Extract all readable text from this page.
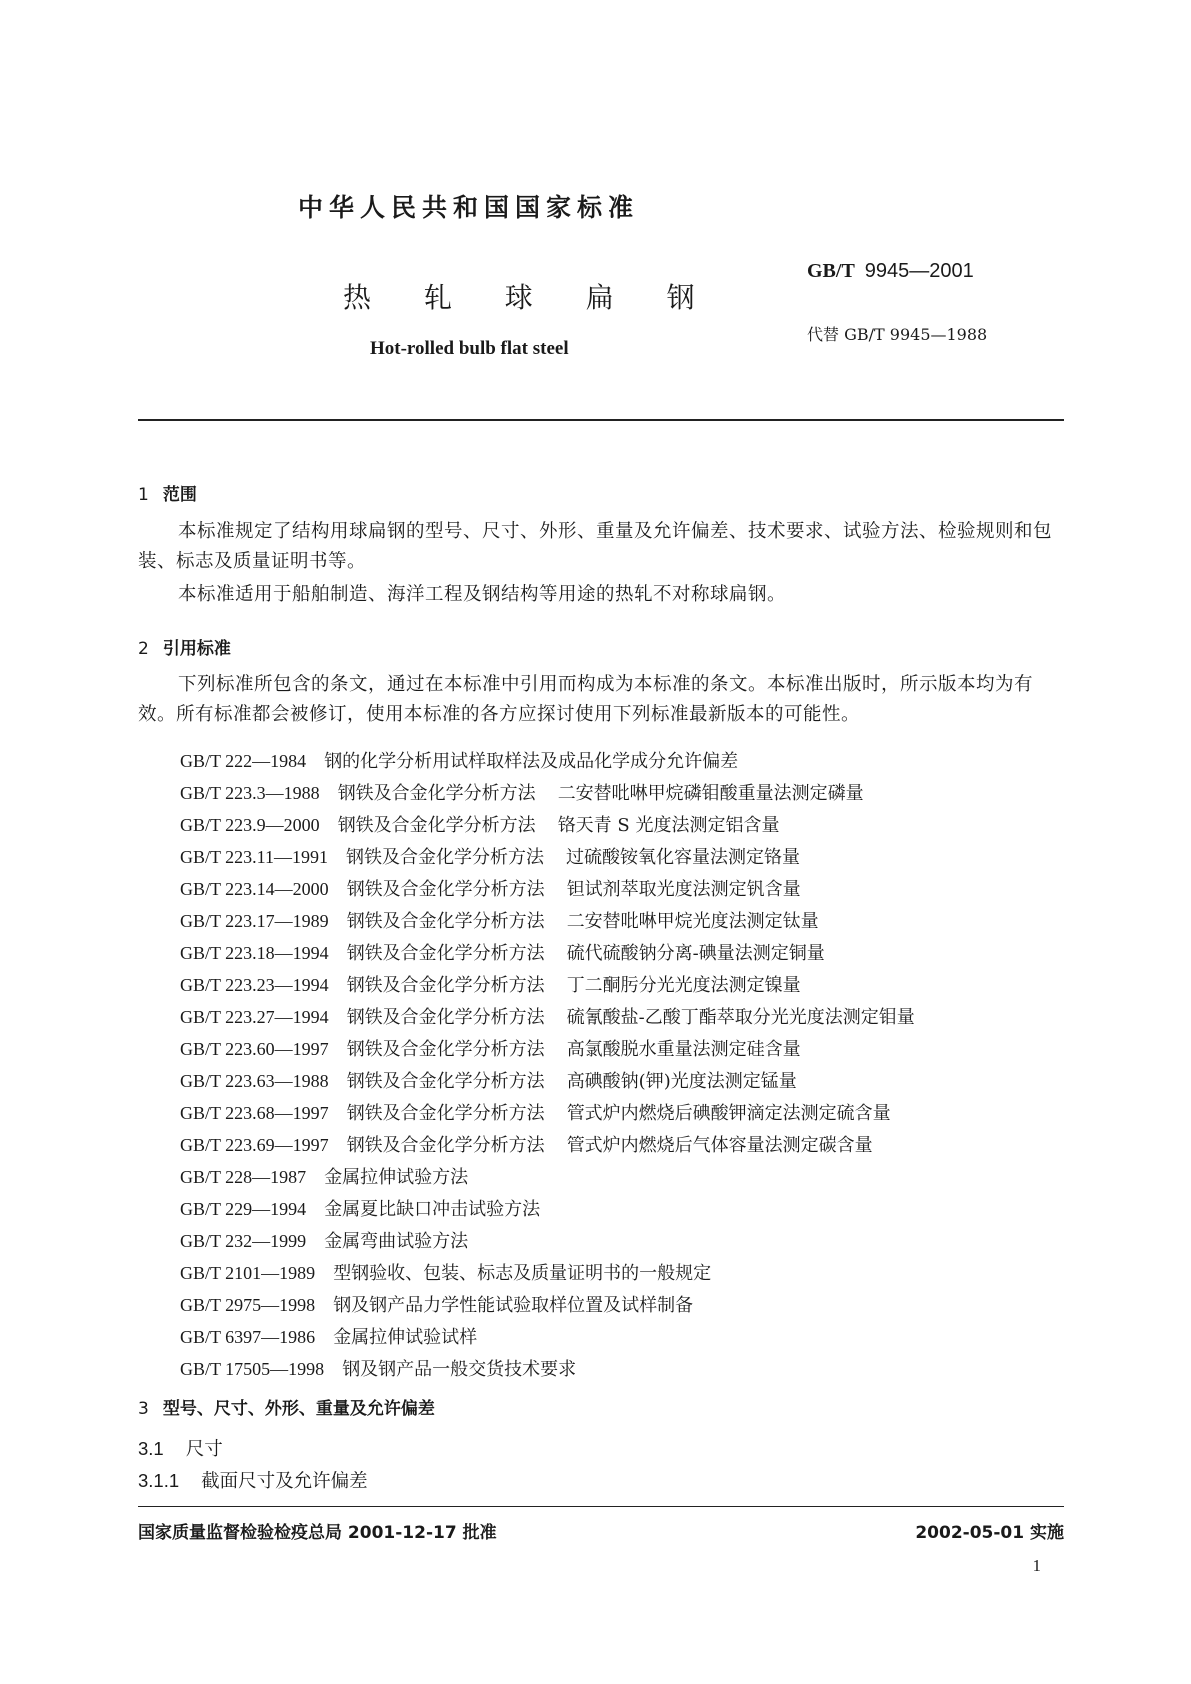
中华人民共和国国家标准
热 轧 球 扁 钢
Hot-rolled bulb flat steel
GB/T 9945—2001
代替 GB/T 9945—1988
1 范围
本标准规定了结构用球扁钢的型号、尺寸、外形、重量及允许偏差、技术要求、试验方法、检验规则和包装、标志及质量证明书等。
本标准适用于船舶制造、海洋工程及钢结构等用途的热轧不对称球扁钢。
2 引用标准
下列标准所包含的条文，通过在本标准中引用而构成为本标准的条文。本标准出版时，所示版本均为有效。所有标准都会被修订，使用本标准的各方应探讨使用下列标准最新版本的可能性。
GB/T 222—1984 钢的化学分析用试样取样法及成品化学成分允许偏差
GB/T 223.3—1988 钢铁及合金化学分析方法 二安替吡啉甲烷磷钼酸重量法测定磷量
GB/T 223.9—2000 钢铁及合金化学分析方法 铬天青 S 光度法测定铝含量
GB/T 223.11—1991 钢铁及合金化学分析方法 过硫酸铵氧化容量法测定铬量
GB/T 223.14—2000 钢铁及合金化学分析方法 钽试剂萃取光度法测定钒含量
GB/T 223.17—1989 钢铁及合金化学分析方法 二安替吡啉甲烷光度法测定钛量
GB/T 223.18—1994 钢铁及合金化学分析方法 硫代硫酸钠分离-碘量法测定铜量
GB/T 223.23—1994 钢铁及合金化学分析方法 丁二酮肟分光光度法测定镍量
GB/T 223.27—1994 钢铁及合金化学分析方法 硫氰酸盐-乙酸丁酯萃取分光光度法测定钼量
GB/T 223.60—1997 钢铁及合金化学分析方法 高氯酸脱水重量法测定硅含量
GB/T 223.63—1988 钢铁及合金化学分析方法 高碘酸钠(钾)光度法测定锰量
GB/T 223.68—1997 钢铁及合金化学分析方法 管式炉内燃烧后碘酸钾滴定法测定硫含量
GB/T 223.69—1997 钢铁及合金化学分析方法 管式炉内燃烧后气体容量法测定碳含量
GB/T 228—1987 金属拉伸试验方法
GB/T 229—1994 金属夏比缺口冲击试验方法
GB/T 232—1999 金属弯曲试验方法
GB/T 2101—1989 型钢验收、包装、标志及质量证明书的一般规定
GB/T 2975—1998 钢及钢产品力学性能试验取样位置及试样制备
GB/T 6397—1986 金属拉伸试验试样
GB/T 17505—1998 钢及钢产品一般交货技术要求
3 型号、尺寸、外形、重量及允许偏差
3.1 尺寸
3.1.1 截面尺寸及允许偏差
国家质量监督检验检疫总局 2001-12-17 批准	2002-05-01 实施
1
